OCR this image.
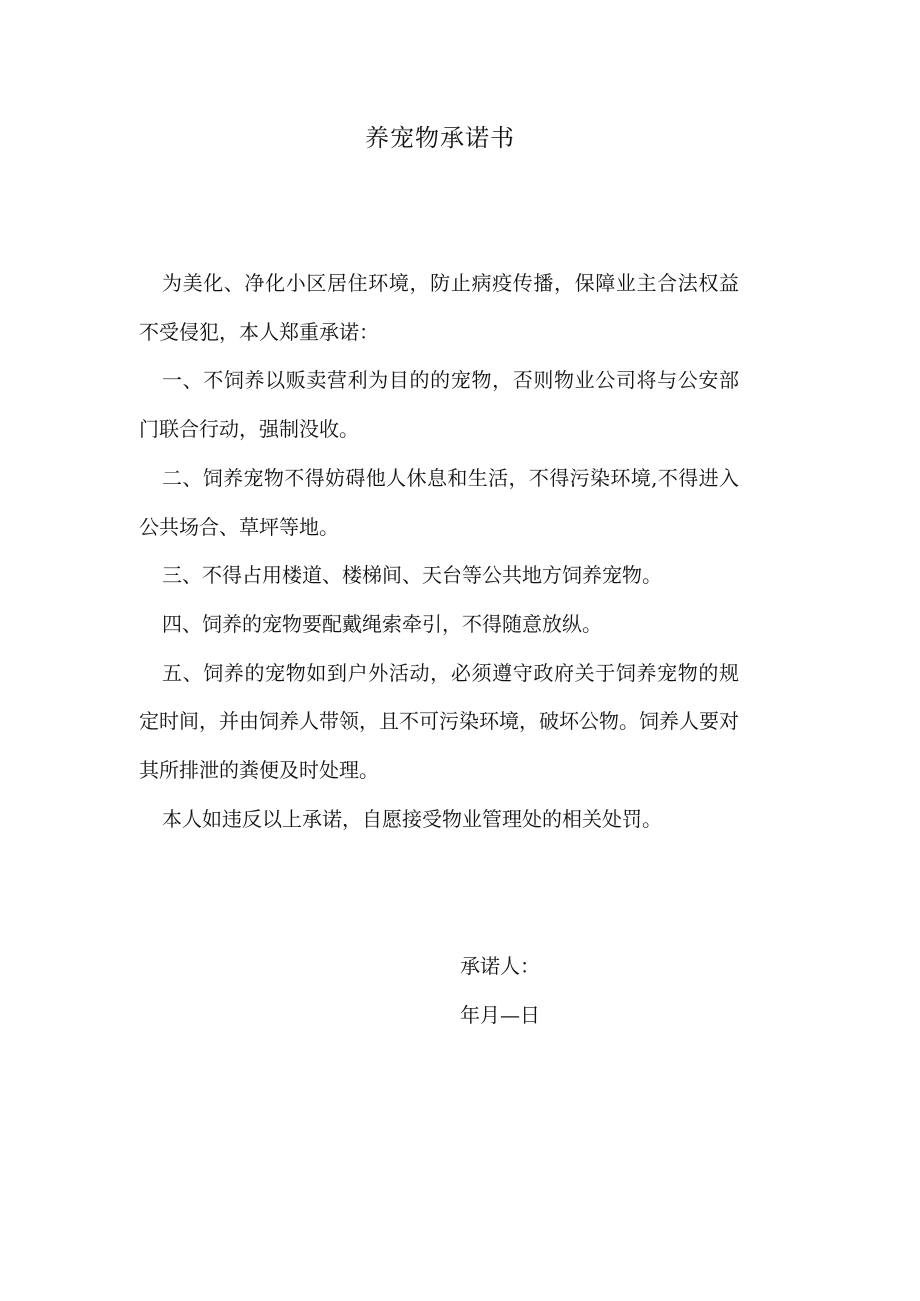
养宠物承诺书

为美化、净化小区居住环境，防止病疫传播，保障业主合法权益不受侵犯，本人郑重承诺：

一、不饲养以贩卖营利为目的的宠物，否则物业公司将与公安部门联合行动，强制没收。

二、饲养宠物不得妨碍他人休息和生活，不得污染环境,不得进入公共场合、草坪等地。

三、不得占用楼道、楼梯间、天台等公共地方饲养宠物。

四、饲养的宠物要配戴绳索牵引，不得随意放纵。

五、饲养的宠物如到户外活动，必须遵守政府关于饲养宠物的规定时间，并由饲养人带领，且不可污染环境，破坏公物。饲养人要对其所排泄的粪便及时处理。

本人如违反以上承诺，自愿接受物业管理处的相关处罚。

承诺人：
年月—日
